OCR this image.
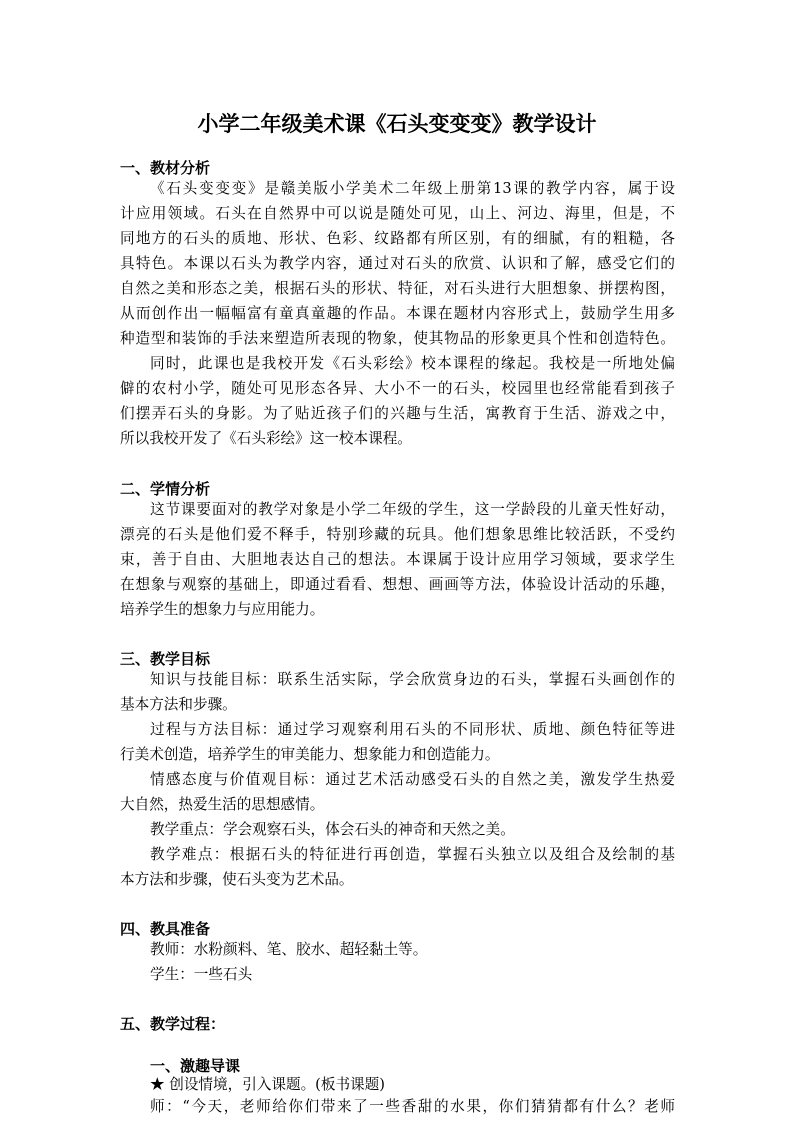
小学二年级美术课《石头变变变》教学设计
一、教材分析
《石头变变变》是赣美版小学美术二年级上册第13课的教学内容，属于设
计应用领域。石头在自然界中可以说是随处可见，山上、河边、海里，但是，不
同地方的石头的质地、形状、色彩、纹路都有所区别，有的细腻，有的粗糙，各
具特色。本课以石头为教学内容，通过对石头的欣赏、认识和了解，感受它们的
自然之美和形态之美，根据石头的形状、特征，对石头进行大胆想象、拼摆构图，
从而创作出一幅幅富有童真童趣的作品。本课在题材内容形式上，鼓励学生用多
种造型和装饰的手法来塑造所表现的物象，使其物品的形象更具个性和创造特色。
同时，此课也是我校开发《石头彩绘》校本课程的缘起。我校是一所地处偏
僻的农村小学，随处可见形态各异、大小不一的石头，校园里也经常能看到孩子
们摆弄石头的身影。为了贴近孩子们的兴趣与生活，寓教育于生活、游戏之中，
所以我校开发了《石头彩绘》这一校本课程。
二、学情分析
这节课要面对的教学对象是小学二年级的学生，这一学龄段的儿童天性好动，
漂亮的石头是他们爱不释手，特别珍藏的玩具。他们想象思维比较活跃，不受约
束，善于自由、大胆地表达自己的想法。本课属于设计应用学习领域，要求学生
在想象与观察的基础上，即通过看看、想想、画画等方法，体验设计活动的乐趣，
培养学生的想象力与应用能力。
三、教学目标
知识与技能目标：联系生活实际，学会欣赏身边的石头，掌握石头画创作的
基本方法和步骤。
过程与方法目标：通过学习观察利用石头的不同形状、质地、颜色特征等进
行美术创造，培养学生的审美能力、想象能力和创造能力。
情感态度与价值观目标：通过艺术活动感受石头的自然之美，激发学生热爱
大自然，热爱生活的思想感情。
教学重点：学会观察石头，体会石头的神奇和天然之美。
教学难点：根据石头的特征进行再创造，掌握石头独立以及组合及绘制的基
本方法和步骤，使石头变为艺术品。
四、教具准备
教师：水粉颜料、笔、胶水、超轻黏土等。
学生：一些石头
五、教学过程：
一、激趣导课
★ 创设情境，引入课题。(板书课题)
师：“今天，老师给你们带来了一些香甜的水果，你们猜猜都有什么？老师
